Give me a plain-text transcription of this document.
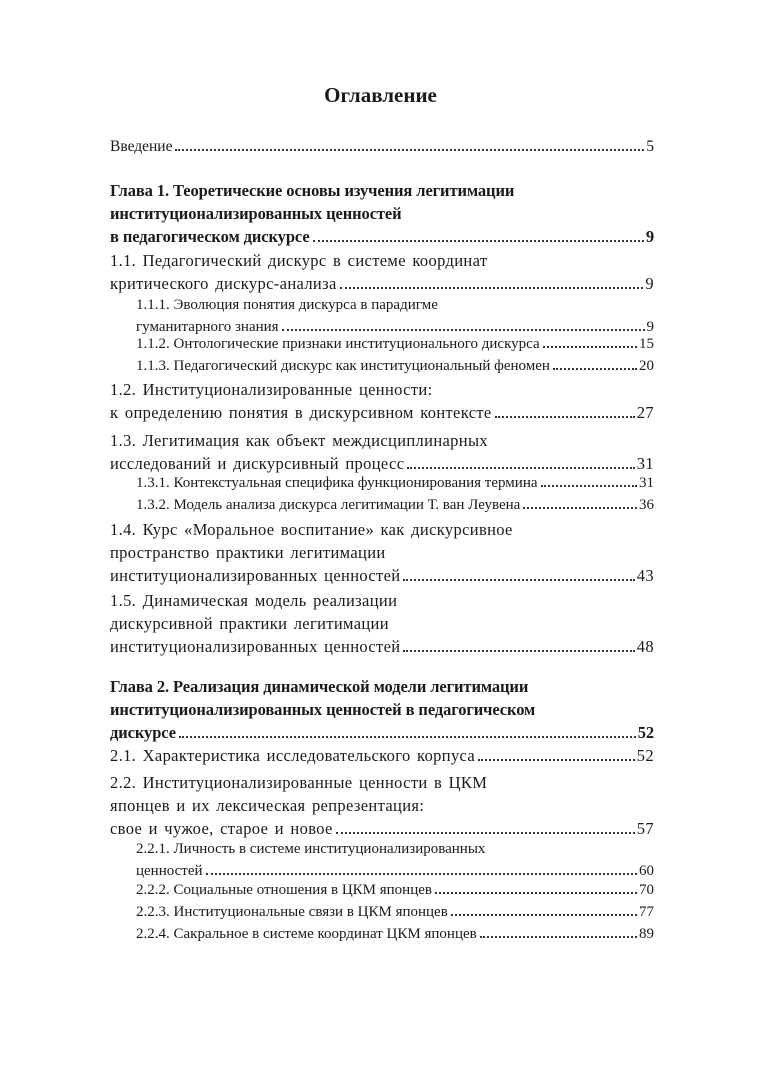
Оглавление
Введение	5
Глава 1. Теоретические основы изучения легитимации
институционализированных ценностей
в педагогическом дискурсе	9
1.1. Педагогический дискурс в системе координат
критического дискурс-анализа	9
1.1.1. Эволюция понятия дискурса в парадигме
гуманитарного знания	9
1.1.2. Онтологические признаки институционального дискурса	15
1.1.3. Педагогический дискурс как институциональный феномен	20
1.2. Институционализированные ценности:
к определению понятия в дискурсивном контексте	27
1.3. Легитимация как объект междисциплинарных
исследований и дискурсивный процесс	31
1.3.1. Контекстуальная специфика функционирования термина	31
1.3.2. Модель анализа дискурса легитимации Т. ван Леувена	36
1.4. Курс «Моральное воспитание» как дискурсивное
пространство практики легитимации
институционализированных ценностей	43
1.5. Динамическая модель реализации
дискурсивной практики легитимации
институционализированных ценностей	48
Глава 2. Реализация динамической модели легитимации
институционализированных ценностей в педагогическом
дискурсе	52
2.1. Характеристика исследовательского корпуса	52
2.2. Институционализированные ценности в ЦКМ
японцев и их лексическая репрезентация:
свое и чужое, старое и новое	57
2.2.1. Личность в системе институционализированных
ценностей	60
2.2.2. Социальные отношения в ЦКМ японцев	70
2.2.3. Институциональные связи в ЦКМ японцев	77
2.2.4. Сакральное в системе координат ЦКМ японцев	89
